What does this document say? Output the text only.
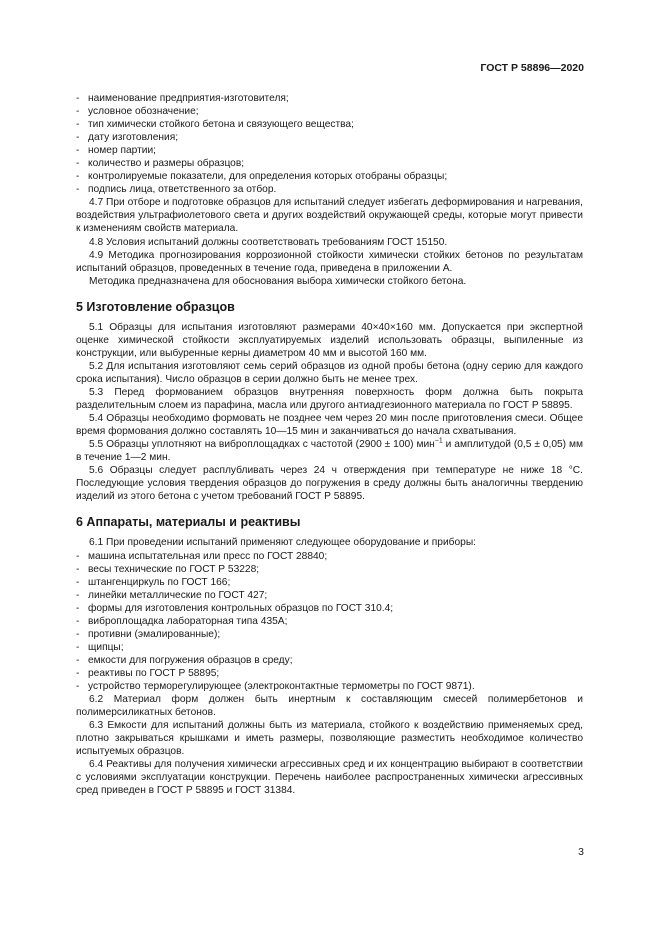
ГОСТ Р 58896—2020
- наименование предприятия-изготовителя;
- условное обозначение;
- тип химически стойкого бетона и связующего вещества;
- дату изготовления;
- номер партии;
- количество и размеры образцов;
- контролируемые показатели, для определения которых отобраны образцы;
- подпись лица, ответственного за отбор.
4.7 При отборе и подготовке образцов для испытаний следует избегать деформирования и нагревания, воздействия ультрафиолетового света и других воздействий окружающей среды, которые могут привести к изменениям свойств материала.
4.8 Условия испытаний должны соответствовать требованиям ГОСТ 15150.
4.9 Методика прогнозирования коррозионной стойкости химически стойких бетонов по результатам испытаний образцов, проведенных в течение года, приведена в приложении А.
Методика предназначена для обоснования выбора химически стойкого бетона.
5 Изготовление образцов
5.1 Образцы для испытания изготовляют размерами 40×40×160 мм. Допускается при экспертной оценке химической стойкости эксплуатируемых изделий использовать образцы, выпиленные из конструкции, или выбуренные керны диаметром 40 мм и высотой 160 мм.
5.2 Для испытания изготовляют семь серий образцов из одной пробы бетона (одну серию для каждого срока испытания). Число образцов в серии должно быть не менее трех.
5.3 Перед формованием образцов внутренняя поверхность форм должна быть покрыта разделительным слоем из парафина, масла или другого антиадгезионного материала по ГОСТ Р 58895.
5.4 Образцы необходимо формовать не позднее чем через 20 мин после приготовления смеси. Общее время формования должно составлять 10—15 мин и заканчиваться до начала схватывания.
5.5 Образцы уплотняют на виброплощадках с частотой (2900 ± 100) мин$^{-1}$ и амплитудой (0,5 ± 0,05) мм в течение 1—2 мин.
5.6 Образцы следует расплубливать через 24 ч отверждения при температуре не ниже 18 °С. Последующие условия твердения образцов до погружения в среду должны быть аналогичны твердению изделий из этого бетона с учетом требований ГОСТ Р 58895.
6 Аппараты, материалы и реактивы
6.1 При проведении испытаний применяют следующее оборудование и приборы:
- машина испытательная или пресс по ГОСТ 28840;
- весы технические по ГОСТ Р 53228;
- штангенциркуль по ГОСТ 166;
- линейки металлические по ГОСТ 427;
- формы для изготовления контрольных образцов по ГОСТ 310.4;
- виброплощадка лабораторная типа 435А;
- противни (эмалированные);
- щипцы;
- емкости для погружения образцов в среду;
- реактивы по ГОСТ Р 58895;
- устройство терморегулирующее (электроконтактные термометры по ГОСТ 9871).
6.2 Материал форм должен быть инертным к составляющим смесей полимербетонов и полимерсиликатных бетонов.
6.3 Емкости для испытаний должны быть из материала, стойкого к воздействию применяемых сред, плотно закрываться крышками и иметь размеры, позволяющие разместить необходимое количество испытуемых образцов.
6.4 Реактивы для получения химически агрессивных сред и их концентрацию выбирают в соответствии с условиями эксплуатации конструкции. Перечень наиболее распространенных химически агрессивных сред приведен в ГОСТ Р 58895 и ГОСТ 31384.
3
